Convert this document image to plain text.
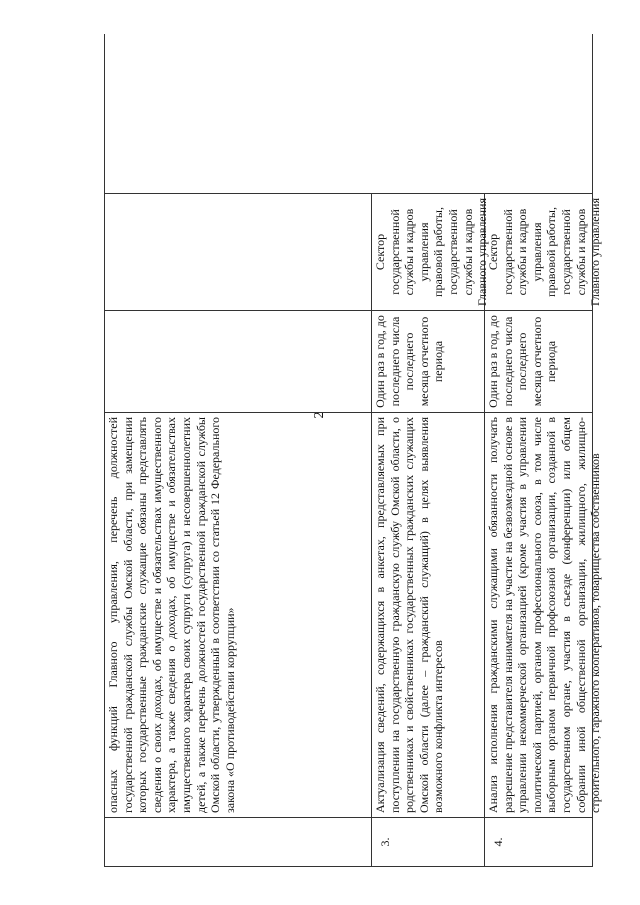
2
опасных функций Главного управления, перечень должностей государственной гражданской службы Омской области, при замещении которых государственные гражданские служащие обязаны представлять сведения о своих доходах, об имуществе и обязательствах имущественного характера, а также сведения о доходах, об имуществе и обязательствах имущественного характера своих супруги (супруга) и несовершеннолетних детей, а также перечень должностей государственной гражданской службы Омской области, утвержденный в соответствии со статьей 12 Федерального закона «О противодействии коррупции»
3.
Актуализация сведений, содержащихся в анкетах, представляемых при поступлении на государственную гражданскую службу Омской области, о родственниках и свойственниках государственных гражданских служащих Омской области (далее – гражданский служащий) в целях выявления возможного конфликта интересов
Один раз в год, до последнего числа последнего месяца отчетного периода
Сектор государственной службы и кадров управления правовой работы, государственной службы и кадров Главного управления
4.
Анализ исполнения гражданскими служащими обязанности получать разрешение представителя нанимателя на участие на безвозмездной основе в управлении некоммерческой организацией (кроме участия в управлении политической партией, органом профессионального союза, в том числе выборным органом первичной профсоюзной организации, созданной в государственном органе, участия в съезде (конференции) или общем собрании иной общественной организации, жилищного, жилищно-строительного, гаражного кооперативов, товарищества собственников
Один раз в год, до последнего числа последнего месяца отчетного периода
Сектор государственной службы и кадров управления правовой работы, государственной службы и кадров Главного управления
